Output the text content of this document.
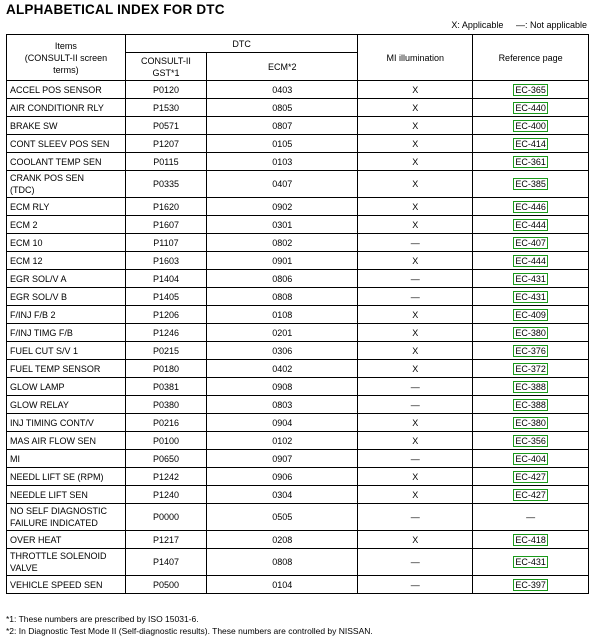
ALPHABETICAL INDEX FOR DTC
X: Applicable —: Not applicable
Items
(CONSULT-II screen
terms)	DTC		MI illumination	Reference page
	CONSULT-II
GST*1	ECM*2		
ACCEL POS SENSOR	P0120	0403	X	EC-365
AIR CONDITIONR RLY	P1530	0805	X	EC-440
BRAKE SW	P0571	0807	X	EC-400
CONT SLEEV POS SEN	P1207	0105	X	EC-414
COOLANT TEMP SEN	P0115	0103	X	EC-361
CRANK POS SEN
(TDC)	P0335	0407	X	EC-385
ECM RLY	P1620	0902	X	EC-446
ECM 2	P1607	0301	X	EC-444
ECM 10	P1107	0802	—	EC-407
ECM 12	P1603	0901	X	EC-444
EGR SOL/V A	P1404	0806	—	EC-431
EGR SOL/V B	P1405	0808	—	EC-431
F/INJ F/B 2	P1206	0108	X	EC-409
F/INJ TIMG F/B	P1246	0201	X	EC-380
FUEL CUT S/V 1	P0215	0306	X	EC-376
FUEL TEMP SENSOR	P0180	0402	X	EC-372
GLOW LAMP	P0381	0908	—	EC-388
GLOW RELAY	P0380	0803	—	EC-388
INJ TIMING CONT/V	P0216	0904	X	EC-380
MAS AIR FLOW SEN	P0100	0102	X	EC-356
MI	P0650	0907	—	EC-404
NEEDL LIFT SE (RPM)	P1242	0906	X	EC-427
NEEDLE LIFT SEN	P1240	0304	X	EC-427
NO SELF DIAGNOSTIC
FAILURE INDICATED	P0000	0505	—	—
OVER HEAT	P1217	0208	X	EC-418
THROTTLE SOLENOID
VALVE	P1407	0808	—	EC-431
VEHICLE SPEED SEN	P0500	0104	—	EC-397
*1: These numbers are prescribed by ISO 15031-6.
*2: In Diagnostic Test Mode II (Self-diagnostic results). These numbers are controlled by NISSAN.
